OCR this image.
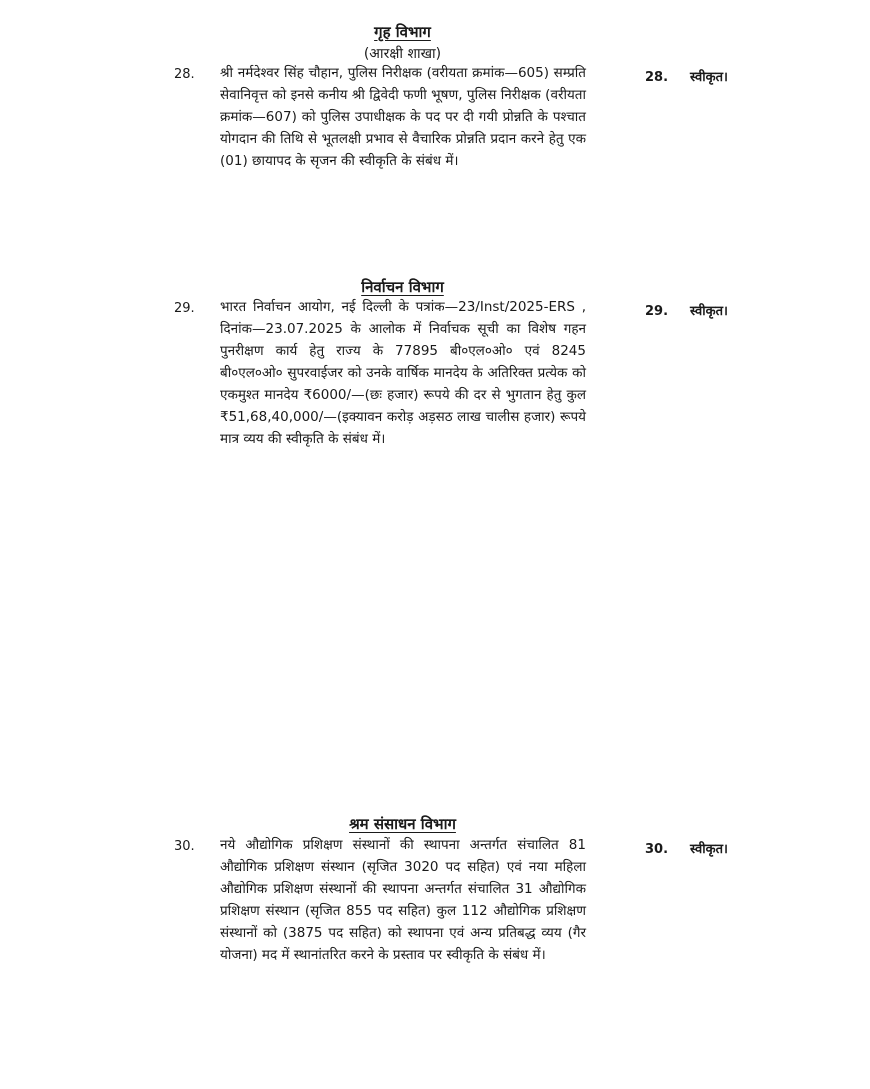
गृह विभाग
(आरक्षी शाखा)
28. श्री नर्मदेश्वर सिंह चौहान, पुलिस निरीक्षक (वरीयता क्रमांक—605) सम्प्रति सेवानिवृत्त को इनसे कनीय श्री द्विवेदी फणी भूषण, पुलिस निरीक्षक (वरीयता क्रमांक—607) को पुलिस उपाधीक्षक के पद पर दी गयी प्रोन्नति के पश्चात योगदान की तिथि से भूतलक्षी प्रभाव से वैचारिक प्रोन्नति प्रदान करने हेतु एक (01) छायापद के सृजन की स्वीकृति के संबंध में।

28. स्वीकृत।
निर्वाचन विभाग
29. भारत निर्वाचन आयोग, नई दिल्ली के पत्रांक—23/Inst/2025-ERS , दिनांक—23.07.2025 के आलोक में निर्वाचक सूची का विशेष गहन पुनरीक्षण कार्य हेतु राज्य के 77895 बी०एल०ओ० एवं 8245 बी०एल०ओ० सुपरवाईजर को उनके वार्षिक मानदेय के अतिरिक्त प्रत्येक को एकमुश्त मानदेय ₹6000/—(छः हजार) रूपये की दर से भुगतान हेतु कुल ₹51,68,40,000/—(इक्यावन करोड़ अड़सठ लाख चालीस हजार) रूपये मात्र व्यय की स्वीकृति के संबंध में।

29. स्वीकृत।
श्रम संसाधन विभाग
30. नये औद्योगिक प्रशिक्षण संस्थानों की स्थापना अन्तर्गत संचालित 81 औद्योगिक प्रशिक्षण संस्थान (सृजित 3020 पद सहित) एवं नया महिला औद्योगिक प्रशिक्षण संस्थानों की स्थापना अन्तर्गत संचालित 31 औद्योगिक प्रशिक्षण संस्थान (सृजित 855 पद सहित) कुल 112 औद्योगिक प्रशिक्षण संस्थानों को (3875 पद सहित) को स्थापना एवं अन्य प्रतिबद्ध व्यय (गैर योजना) मद में स्थानांतरित करने के प्रस्ताव पर स्वीकृति के संबंध में।

30. स्वीकृत।
